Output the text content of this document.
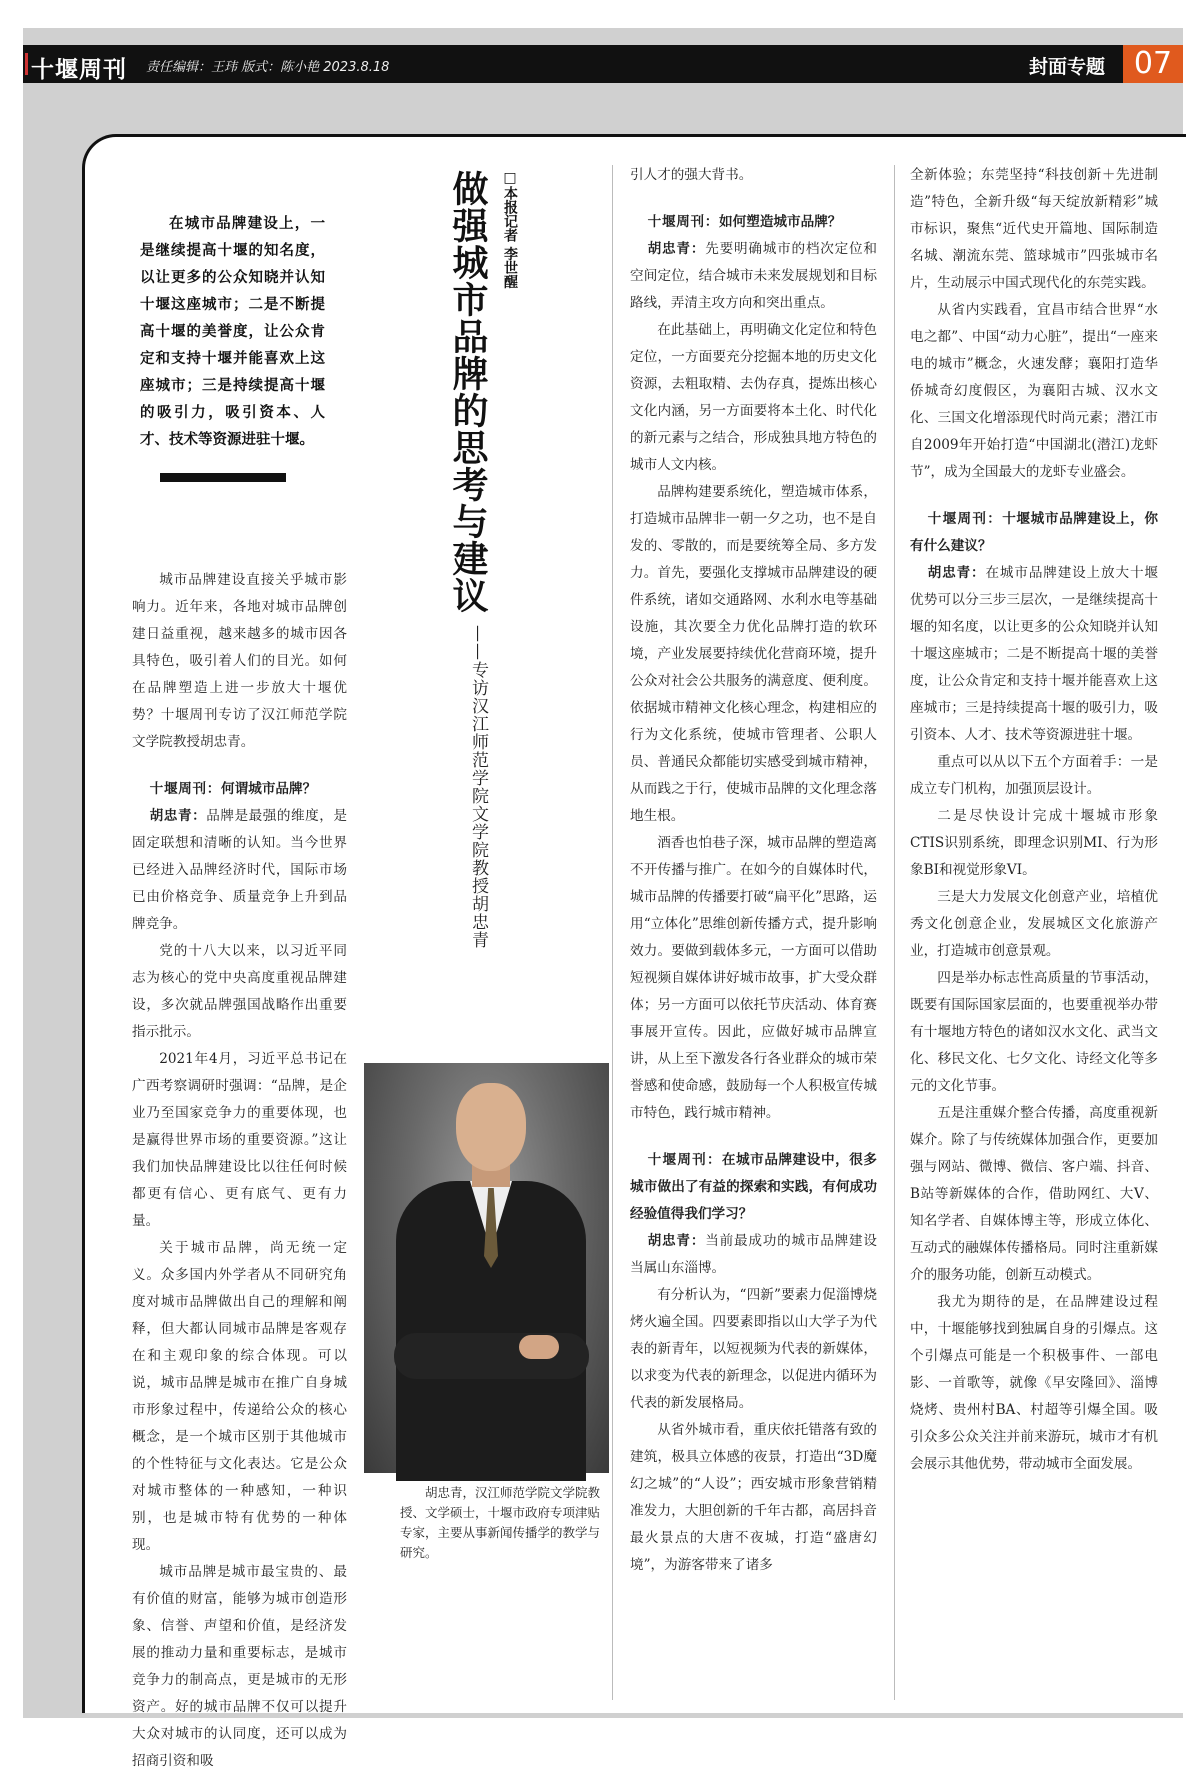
十堰周刊 责任编辑：王玮 版式：陈小艳 2023.8.18	封面专题 07
在城市品牌建设上，一是继续提高十堰的知名度，以让更多的公众知晓并认知十堰这座城市；二是不断提高十堰的美誉度，让公众肯定和支持十堰并能喜欢上这座城市；三是持续提高十堰的吸引力，吸引资本、人才、技术等资源进驻十堰。	做强城市品牌的思考与建议 □本报记者 李世醒
——专访汉江师范学院文学院教授胡忠青

城市品牌建设直接关乎城市影响力。近年来，各地对城市品牌创建日益重视，越来越多的城市因各具特色，吸引着人们的目光。如何在品牌塑造上进一步放大十堰优势？十堰周刊专访了汉江师范学院文学院教授胡忠青。

十堰周刊：何谓城市品牌？

胡忠青：品牌是最强的维度，是固定联想和清晰的认知。当今世界已经进入品牌经济时代，国际市场已由价格竞争、质量竞争上升到品牌竞争。

党的十八大以来，以习近平同志为核心的党中央高度重视品牌建设，多次就品牌强国战略作出重要指示批示。

2021年4月，习近平总书记在广西考察调研时强调：“品牌，是企业乃至国家竞争力的重要体现，也是赢得世界市场的重要资源。”这让我们加快品牌建设比以往任何时候都更有信心、更有底气、更有力量。

关于城市品牌，尚无统一定义。众多国内外学者从不同研究角度对城市品牌做出自己的理解和阐释，但大都认同城市品牌是客观存在和主观印象的综合体现。可以说，城市品牌是城市在推广自身城市形象过程中，传递给公众的核心概念，是一个城市区别于其他城市的个性特征与文化表达。它是公众对城市整体的一种感知，一种识别，也是城市特有优势的一种体现。

城市品牌是城市最宝贵的、最有价值的财富，能够为城市创造形象、信誉、声望和价值，是经济发展的推动力量和重要标志，是城市竞争力的制高点，更是城市的无形资产。好的城市品牌不仅可以提升大众对城市的认同度，还可以成为招商引资和吸

胡忠青，汉江师范学院文学院教授、文学硕士，十堰市政府专项津贴专家，主要从事新闻传播学的教学与研究。

引人才的强大背书。

十堰周刊：如何塑造城市品牌？

胡忠青：先要明确城市的档次定位和空间定位，结合城市未来发展规划和目标路线，弄清主攻方向和突出重点。

在此基础上，再明确文化定位和特色定位，一方面要充分挖掘本地的历史文化资源，去粗取精、去伪存真，提炼出核心文化内涵，另一方面要将本土化、时代化的新元素与之结合，形成独具地方特色的城市人文内核。

品牌构建要系统化，塑造城市体系，打造城市品牌非一朝一夕之功，也不是自发的、零散的，而是要统筹全局、多方发力。首先，要强化支撑城市品牌建设的硬件系统，诸如交通路网、水利水电等基础设施，其次要全力优化品牌打造的软环境，产业发展要持续优化营商环境，提升公众对社会公共服务的满意度、便利度。依据城市精神文化核心理念，构建相应的行为文化系统，使城市管理者、公职人员、普通民众都能切实感受到城市精神，从而践之于行，使城市品牌的文化理念落地生根。

酒香也怕巷子深，城市品牌的塑造离不开传播与推广。在如今的自媒体时代，城市品牌的传播要打破“扁平化”思路，运用“立体化”思维创新传播方式，提升影响效力。要做到载体多元，一方面可以借助短视频自媒体讲好城市故事，扩大受众群体；另一方面可以依托节庆活动、体育赛事展开宣传。因此，应做好城市品牌宣讲，从上至下激发各行各业群众的城市荣誉感和使命感，鼓励每一个人积极宣传城市特色，践行城市精神。

十堰周刊：在城市品牌建设中，很多城市做出了有益的探索和实践，有何成功经验值得我们学习？

胡忠青：当前最成功的城市品牌建设当属山东淄博。

有分析认为，“四新”要素力促淄博烧烤火遍全国。四要素即指以山大学子为代表的新青年，以短视频为代表的新媒体，以求变为代表的新理念，以促进内循环为代表的新发展格局。

从省外城市看，重庆依托错落有致的建筑，极具立体感的夜景，打造出“3D魔幻之城”的“人设”；西安城市形象营销精准发力，大胆创新的千年古都，高居抖音最火景点的大唐不夜城，打造“盛唐幻境”，为游客带来了诸多

全新体验；东莞坚持“科技创新＋先进制造”特色，全新升级“每天绽放新精彩”城市标识，聚焦“近代史开篇地、国际制造名城、潮流东莞、篮球城市”四张城市名片，生动展示中国式现代化的东莞实践。

从省内实践看，宜昌市结合世界“水电之都”、中国“动力心脏”，提出“一座来电的城市”概念，火速发酵；襄阳打造华侨城奇幻度假区，为襄阳古城、汉水文化、三国文化增添现代时尚元素；潜江市自2009年开始打造“中国湖北(潜江)龙虾节”，成为全国最大的龙虾专业盛会。

十堰周刊：十堰城市品牌建设上，你有什么建议？

胡忠青：在城市品牌建设上放大十堰优势可以分三步三层次，一是继续提高十堰的知名度，以让更多的公众知晓并认知十堰这座城市；二是不断提高十堰的美誉度，让公众肯定和支持十堰并能喜欢上这座城市；三是持续提高十堰的吸引力，吸引资本、人才、技术等资源进驻十堰。

重点可以从以下五个方面着手：一是成立专门机构，加强顶层设计。

二是尽快设计完成十堰城市形象CTIS识别系统，即理念识别MI、行为形象BI和视觉形象VI。

三是大力发展文化创意产业，培植优秀文化创意企业，发展城区文化旅游产业，打造城市创意景观。

四是举办标志性高质量的节事活动，既要有国际国家层面的，也要重视举办带有十堰地方特色的诸如汉水文化、武当文化、移民文化、七夕文化、诗经文化等多元的文化节事。

五是注重媒介整合传播，高度重视新媒介。除了与传统媒体加强合作，更要加强与网站、微博、微信、客户端、抖音、B站等新媒体的合作，借助网红、大V、知名学者、自媒体博主等，形成立体化、互动式的融媒体传播格局。同时注重新媒介的服务功能，创新互动模式。

我尤为期待的是，在品牌建设过程中，十堰能够找到独属自身的引爆点。这个引爆点可能是一个积极事件、一部电影、一首歌等，就像《早安隆回》、淄博烧烤、贵州村BA、村超等引爆全国。吸引众多公众关注并前来游玩，城市才有机会展示其他优势，带动城市全面发展。
